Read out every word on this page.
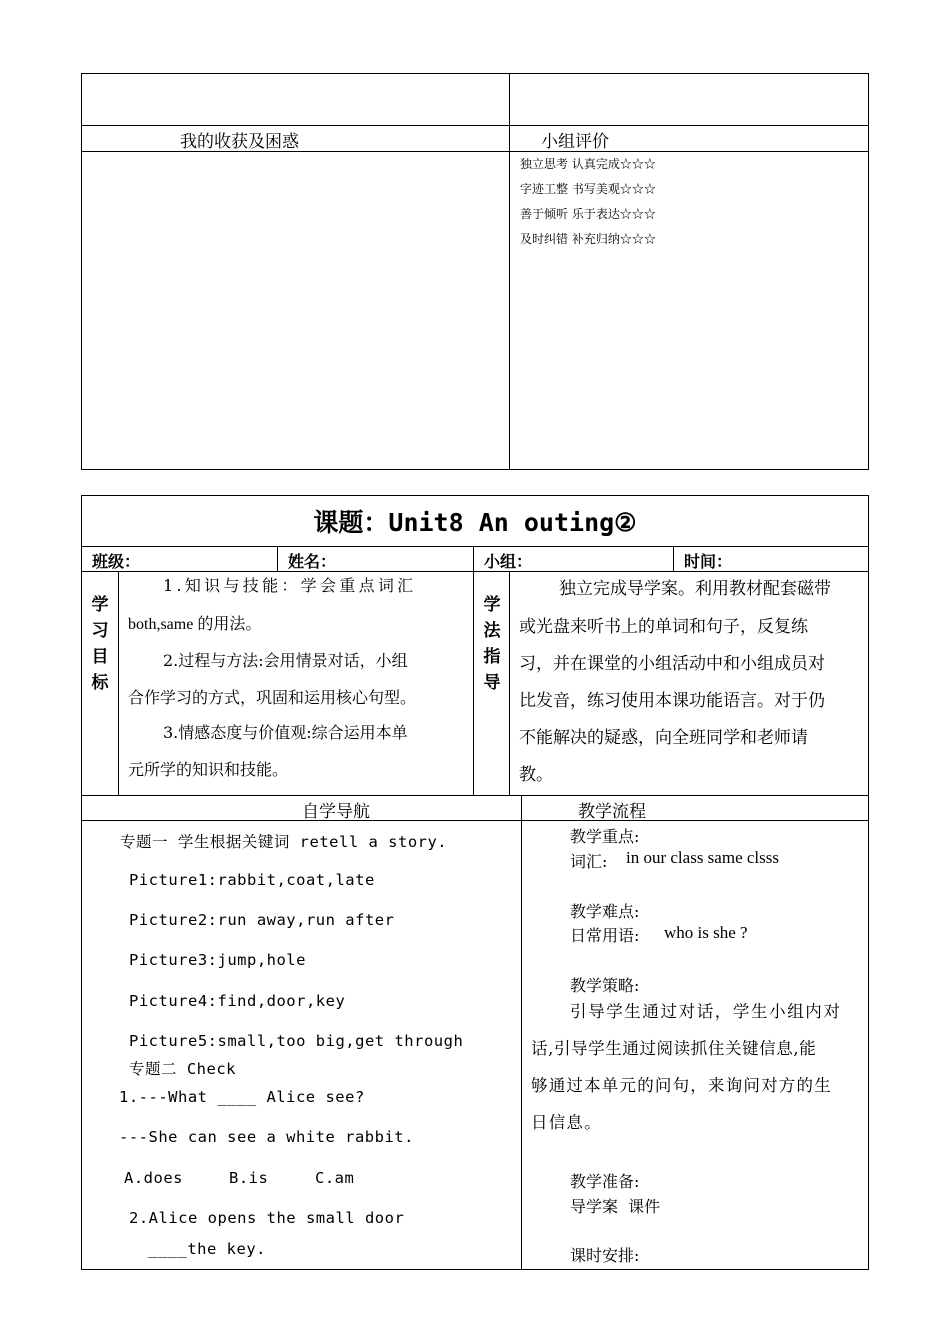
我的收获及困惑	小组评价
独立思考 认真完成☆☆☆
字迹工整 书写美观☆☆☆
善于倾听 乐于表达☆☆☆
及时纠错 补充归纳☆☆☆
课题：Unit8 An outing②
班级：	姓名：	小组：	时间：
学
习
目
标
1.知识与技能：学会重点词汇
both,same 的用法。
2.过程与方法:会用情景对话，小组
合作学习的方式，巩固和运用核心句型。
3.情感态度与价值观:综合运用本单
元所学的知识和技能。
学
法
指
导
独立完成导学案。利用教材配套磁带
或光盘来听书上的单词和句子，反复练
习，并在课堂的小组活动中和小组成员对
比发音，练习使用本课功能语言。对于仍
不能解决的疑惑，向全班同学和老师请
教。
自学导航	教学流程
专题一 学生根据关键词 retell a story.
Picture1:rabbit,coat,late
Picture2:run away,run after
Picture3:jump,hole
Picture4:find,door,key
Picture5:small,too big,get through
专题二 Check
1.---What ____ Alice see?
---She can see a white rabbit.
A.does	B.is	C.am
2.Alice opens the small door
____the key.
教学重点:
词汇: in our class same clsss
教学难点:
日常用语: who is she ?
教学策略:
引导学生通过对话，学生小组内对
话,引导学生通过阅读抓住关键信息,能
够通过本单元的问句，来询问对方的生
日信息。
教学准备:
导学案  课件
课时安排:
